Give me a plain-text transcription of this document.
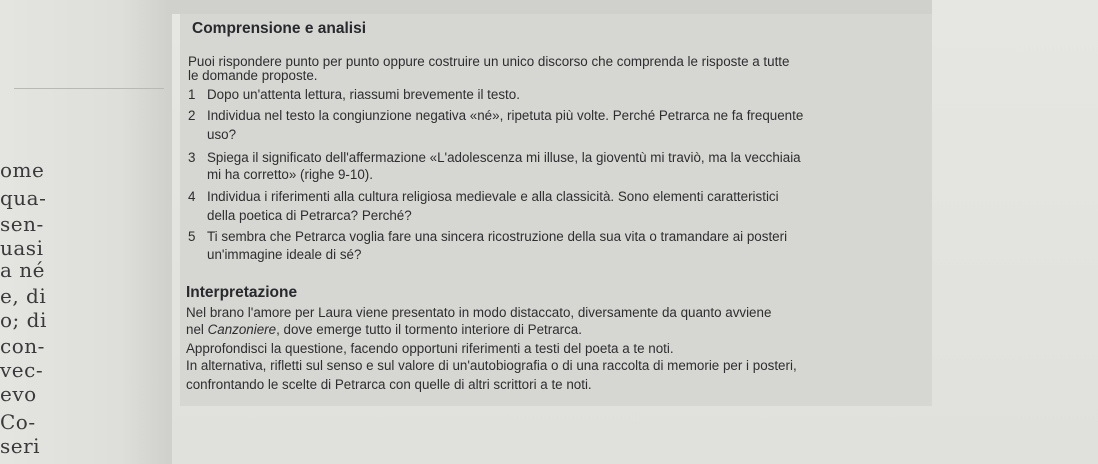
ome
qua-
sen-
uasi
a né
e, di
o; di
con-
vec-
evo
Co-
seri
Comprensione e analisi
Puoi rispondere punto per punto oppure costruire un unico discorso che comprenda le risposte a tutte
le domande proposte.
1 Dopo un'attenta lettura, riassumi brevemente il testo.
2 Individua nel testo la congiunzione negativa «né», ripetuta più volte. Perché Petrarca ne fa frequente
uso?
3 Spiega il significato dell'affermazione «L'adolescenza mi illuse, la gioventù mi traviò, ma la vecchiaia
mi ha corretto» (righe 9-10).
4 Individua i riferimenti alla cultura religiosa medievale e alla classicità. Sono elementi caratteristici
della poetica di Petrarca? Perché?
5 Ti sembra che Petrarca voglia fare una sincera ricostruzione della sua vita o tramandare ai posteri
un'immagine ideale di sé?
Interpretazione
Nel brano l'amore per Laura viene presentato in modo distaccato, diversamente da quanto avviene
nel Canzoniere, dove emerge tutto il tormento interiore di Petrarca.
Approfondisci la questione, facendo opportuni riferimenti a testi del poeta a te noti.
In alternativa, rifletti sul senso e sul valore di un'autobiografia o di una raccolta di memorie per i posteri,
confrontando le scelte di Petrarca con quelle di altri scrittori a te noti.
